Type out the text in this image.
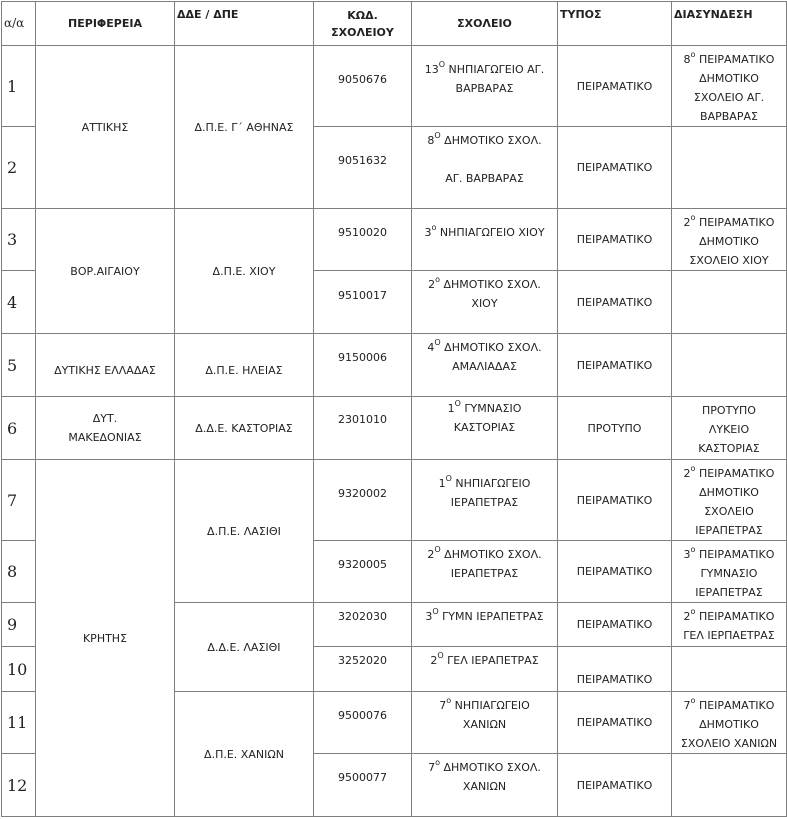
α/α	ΠΕΡΙΦΕΡΕΙΑ	ΔΔΕ / ΔΠΕ	ΚΩΔ.
ΣΧΟΛΕΙΟΥ	ΣΧΟΛΕΙΟ	ΤΥΠΟΣ	ΔΙΑΣΥΝΔΕΣΗ
1	ΑΤΤΙΚΗΣ	Δ.Π.Ε. Γ΄ ΑΘΗΝΑΣ	9050676	$13^O$ ΝΗΠΙΑΓΩΓΕΙΟ ΑΓ.
ΒΑΡΒΑΡΑΣ	ΠΕΙΡΑΜΑΤΙΚΟ	$8^o$ ΠΕΙΡΑΜΑΤΙΚΟ
ΔΗΜΟΤΙΚΟ
ΣΧΟΛΕΙΟ ΑΓ.
ΒΑΡΒΑΡΑΣ
2			9051632	$8^O$ ΔΗΜΟΤΙΚΟ ΣΧΟΛ.

ΑΓ. ΒΑΡΒΑΡΑΣ	ΠΕΙΡΑΜΑΤΙΚΟ	
3	ΒΟΡ.ΑΙΓΑΙΟΥ	Δ.Π.Ε. ΧΙΟΥ	9510020	$3^o$ ΝΗΠΙΑΓΩΓΕΙΟ ΧΙΟΥ	ΠΕΙΡΑΜΑΤΙΚΟ	$2^o$ ΠΕΙΡΑΜΑΤΙΚΟ
ΔΗΜΟΤΙΚΟ
ΣΧΟΛΕΙΟ ΧΙΟΥ
4			9510017	$2^o$ ΔΗΜΟΤΙΚΟ ΣΧΟΛ.
ΧΙΟΥ	ΠΕΙΡΑΜΑΤΙΚΟ	
5	ΔΥΤΙΚΗΣ ΕΛΛΑΔΑΣ	Δ.Π.Ε. ΗΛΕΙΑΣ	9150006	$4^O$ ΔΗΜΟΤΙΚΟ ΣΧΟΛ.
ΑΜΑΛΙΑΔΑΣ	ΠΕΙΡΑΜΑΤΙΚΟ	
6	ΔΥΤ.
ΜΑΚΕΔΟΝΙΑΣ	Δ.Δ.Ε. ΚΑΣΤΟΡΙΑΣ	2301010	$1^O$ ΓΥΜΝΑΣΙΟ
ΚΑΣΤΟΡΙΑΣ	ΠΡΟΤΥΠΟ	ΠΡΟΤΥΠΟ
ΛΥΚΕΙΟ
ΚΑΣΤΟΡΙΑΣ
7	ΚΡΗΤΗΣ	Δ.Π.Ε. ΛΑΣΙΘΙ	9320002	$1^O$ ΝΗΠΙΑΓΩΓΕΙΟ
ΙΕΡΑΠΕΤΡΑΣ	ΠΕΙΡΑΜΑΤΙΚΟ	$2^o$ ΠΕΙΡΑΜΑΤΙΚΟ
ΔΗΜΟΤΙΚΟ
ΣΧΟΛΕΙΟ
ΙΕΡΑΠΕΤΡΑΣ
8			9320005	$2^O$ ΔΗΜΟΤΙΚΟ ΣΧΟΛ.
ΙΕΡΑΠΕΤΡΑΣ	ΠΕΙΡΑΜΑΤΙΚΟ	$3^o$ ΠΕΙΡΑΜΑΤΙΚΟ
ΓΥΜΝΑΣΙΟ
ΙΕΡΑΠΕΤΡΑΣ
9		Δ.Δ.Ε. ΛΑΣΙΘΙ	3202030	$3^O$ ΓΥΜΝ ΙΕΡΑΠΕΤΡΑΣ	ΠΕΙΡΑΜΑΤΙΚΟ	$2^o$ ΠΕΙΡΑΜΑΤΙΚΟ
ΓΕΛ ΙΕΡΠΑΕΤΡΑΣ
10			3252020	$2^O$ ΓΕΛ ΙΕΡΑΠΕΤΡΑΣ	ΠΕΙΡΑΜΑΤΙΚΟ	
11		Δ.Π.Ε. ΧΑΝΙΩΝ	9500076	$7^o$ ΝΗΠΙΑΓΩΓΕΙΟ
ΧΑΝΙΩΝ	ΠΕΙΡΑΜΑΤΙΚΟ	$7^o$ ΠΕΙΡΑΜΑΤΙΚΟ
ΔΗΜΟΤΙΚΟ
ΣΧΟΛΕΙΟ ΧΑΝΙΩΝ
12			9500077	$7^o$ ΔΗΜΟΤΙΚΟ ΣΧΟΛ.
ΧΑΝΙΩΝ	ΠΕΙΡΑΜΑΤΙΚΟ	
